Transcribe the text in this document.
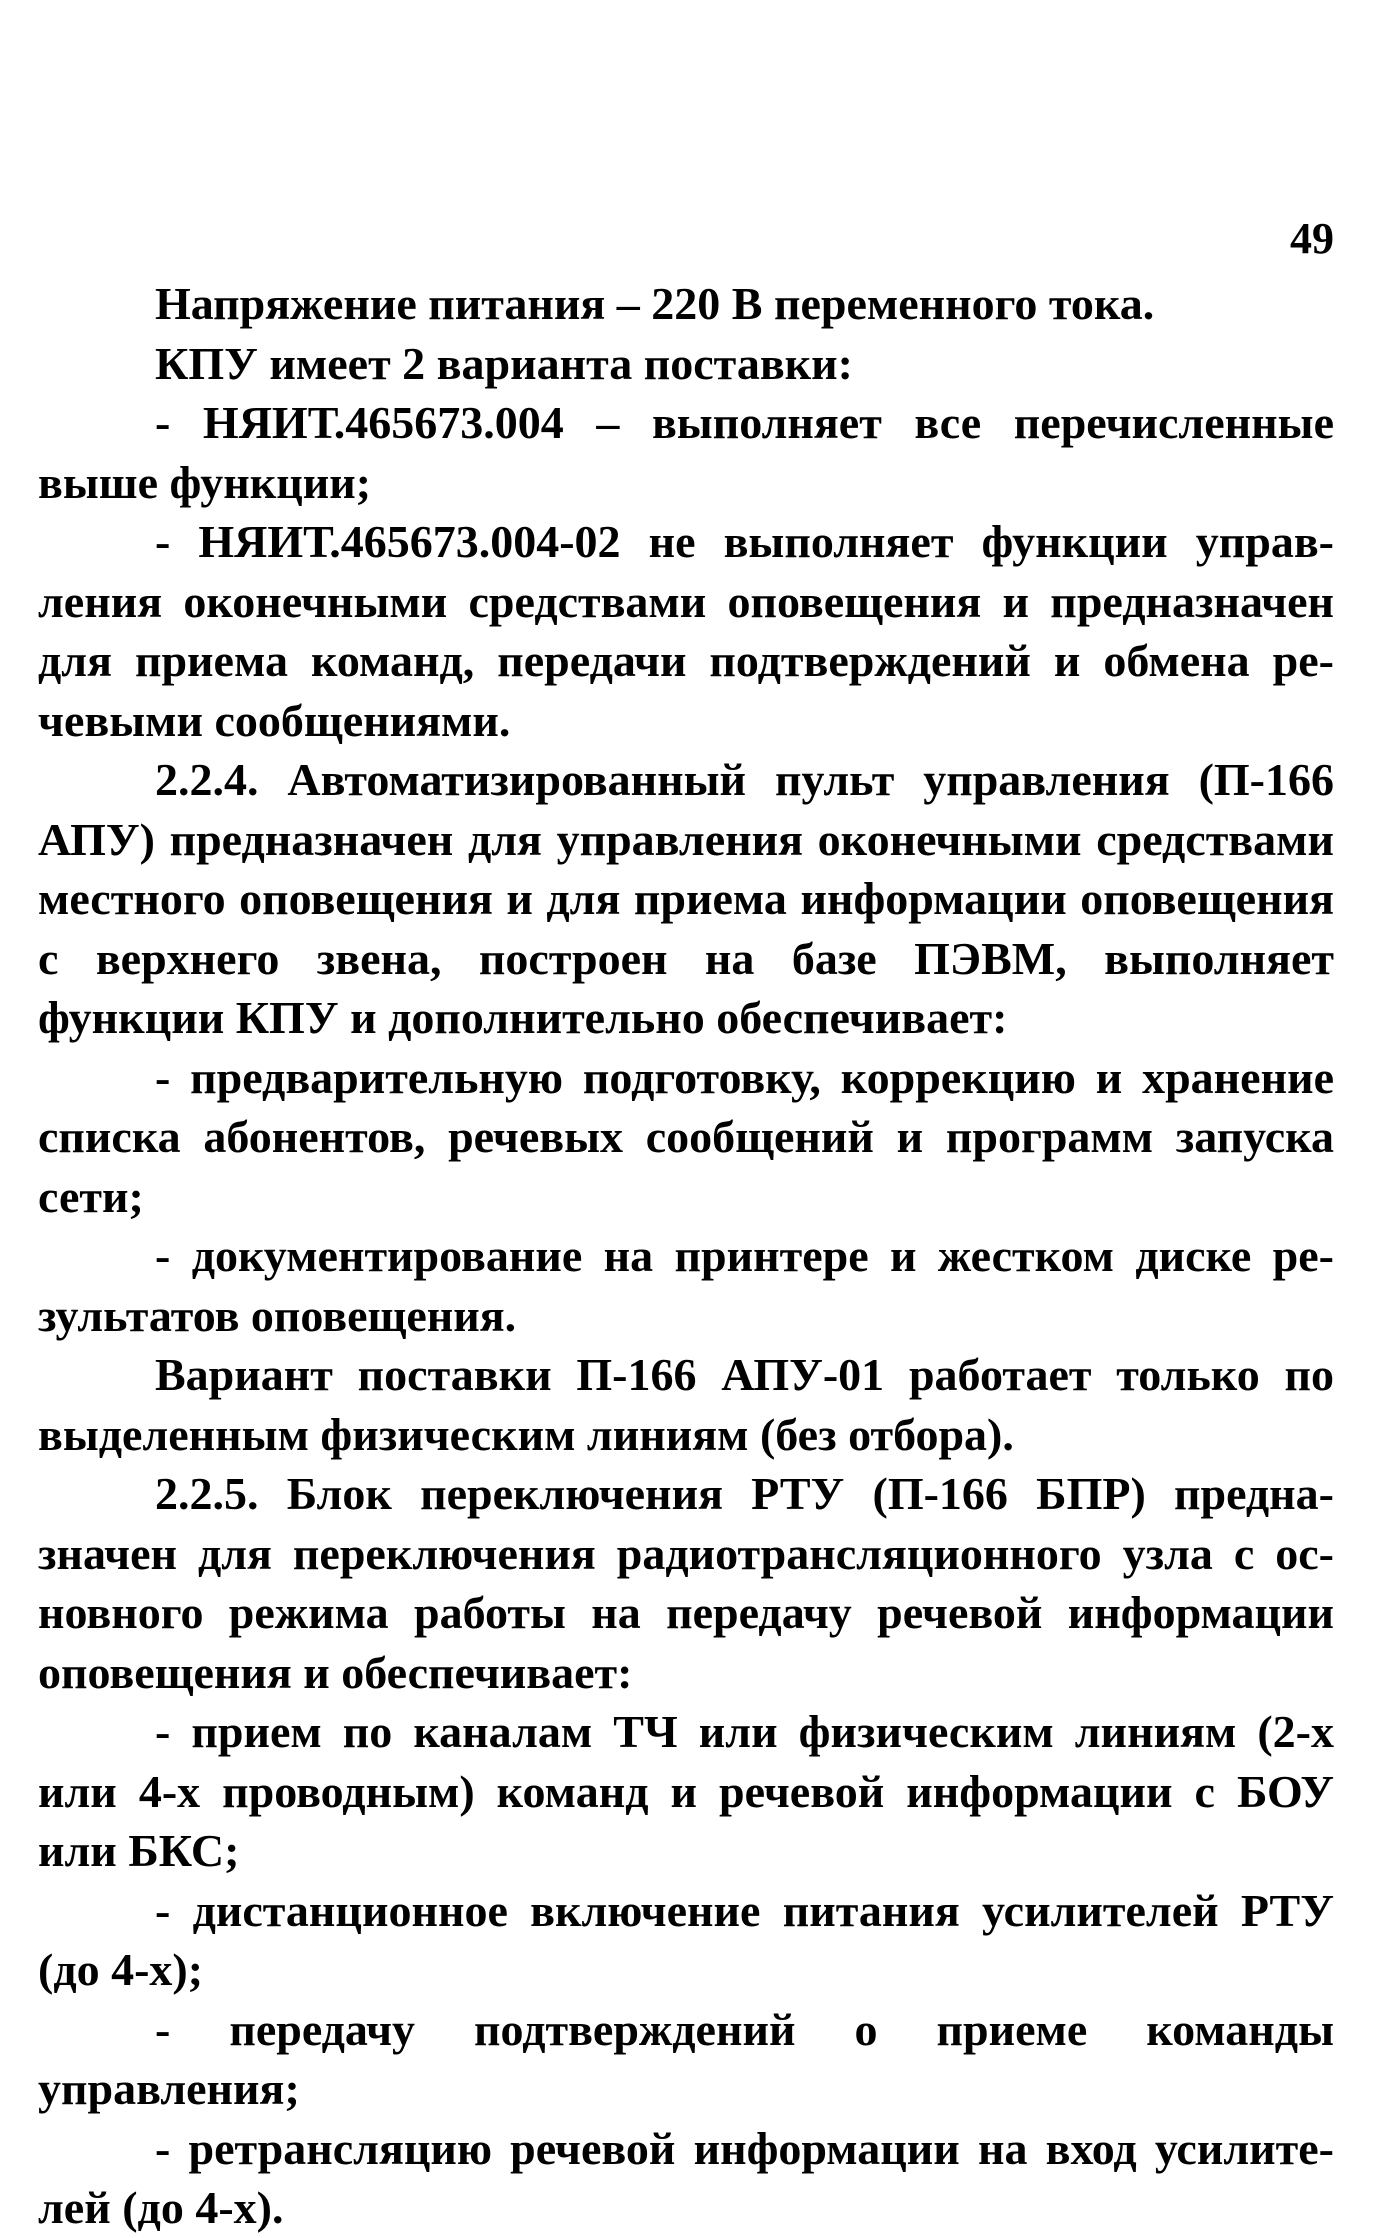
49

Напряжение питания – 220 В переменного тока.

КПУ имеет 2 варианта поставки:

- НЯИТ.465673.004 – выполняет все перечисленные выше функции;

- НЯИТ.465673.004-02 не выполняет функции управления оконечными средствами оповещения и предназначен для приема команд, передачи подтверждений и обмена речевыми сообщениями.

2.2.4. Автоматизированный пульт управления (П-166 АПУ) предназначен для управления оконечными средствами местного оповещения и для приема информации оповещения с верхнего звена, построен на базе ПЭВМ, выполняет функции КПУ и дополнительно обеспечивает:

- предварительную подготовку, коррекцию и хранение списка абонентов, речевых сообщений и программ запуска сети;

- документирование на принтере и жестком диске результатов оповещения.

Вариант поставки П-166 АПУ-01 работает только по выделенным физическим линиям (без отбора).

2.2.5. Блок переключения РТУ (П-166 БПР) предназначен для переключения радиотрансляционного узла с основного режима работы на передачу речевой информации оповещения и обеспечивает:

- прием по каналам ТЧ или физическим линиям (2-х или 4-х проводным) команд и речевой информации с БОУ или БКС;

- дистанционное включение питания усилителей РТУ (до 4-х);

- передачу подтверждений о приеме команды управления;

- ретрансляцию речевой информации на вход усилителей (до 4-х).
